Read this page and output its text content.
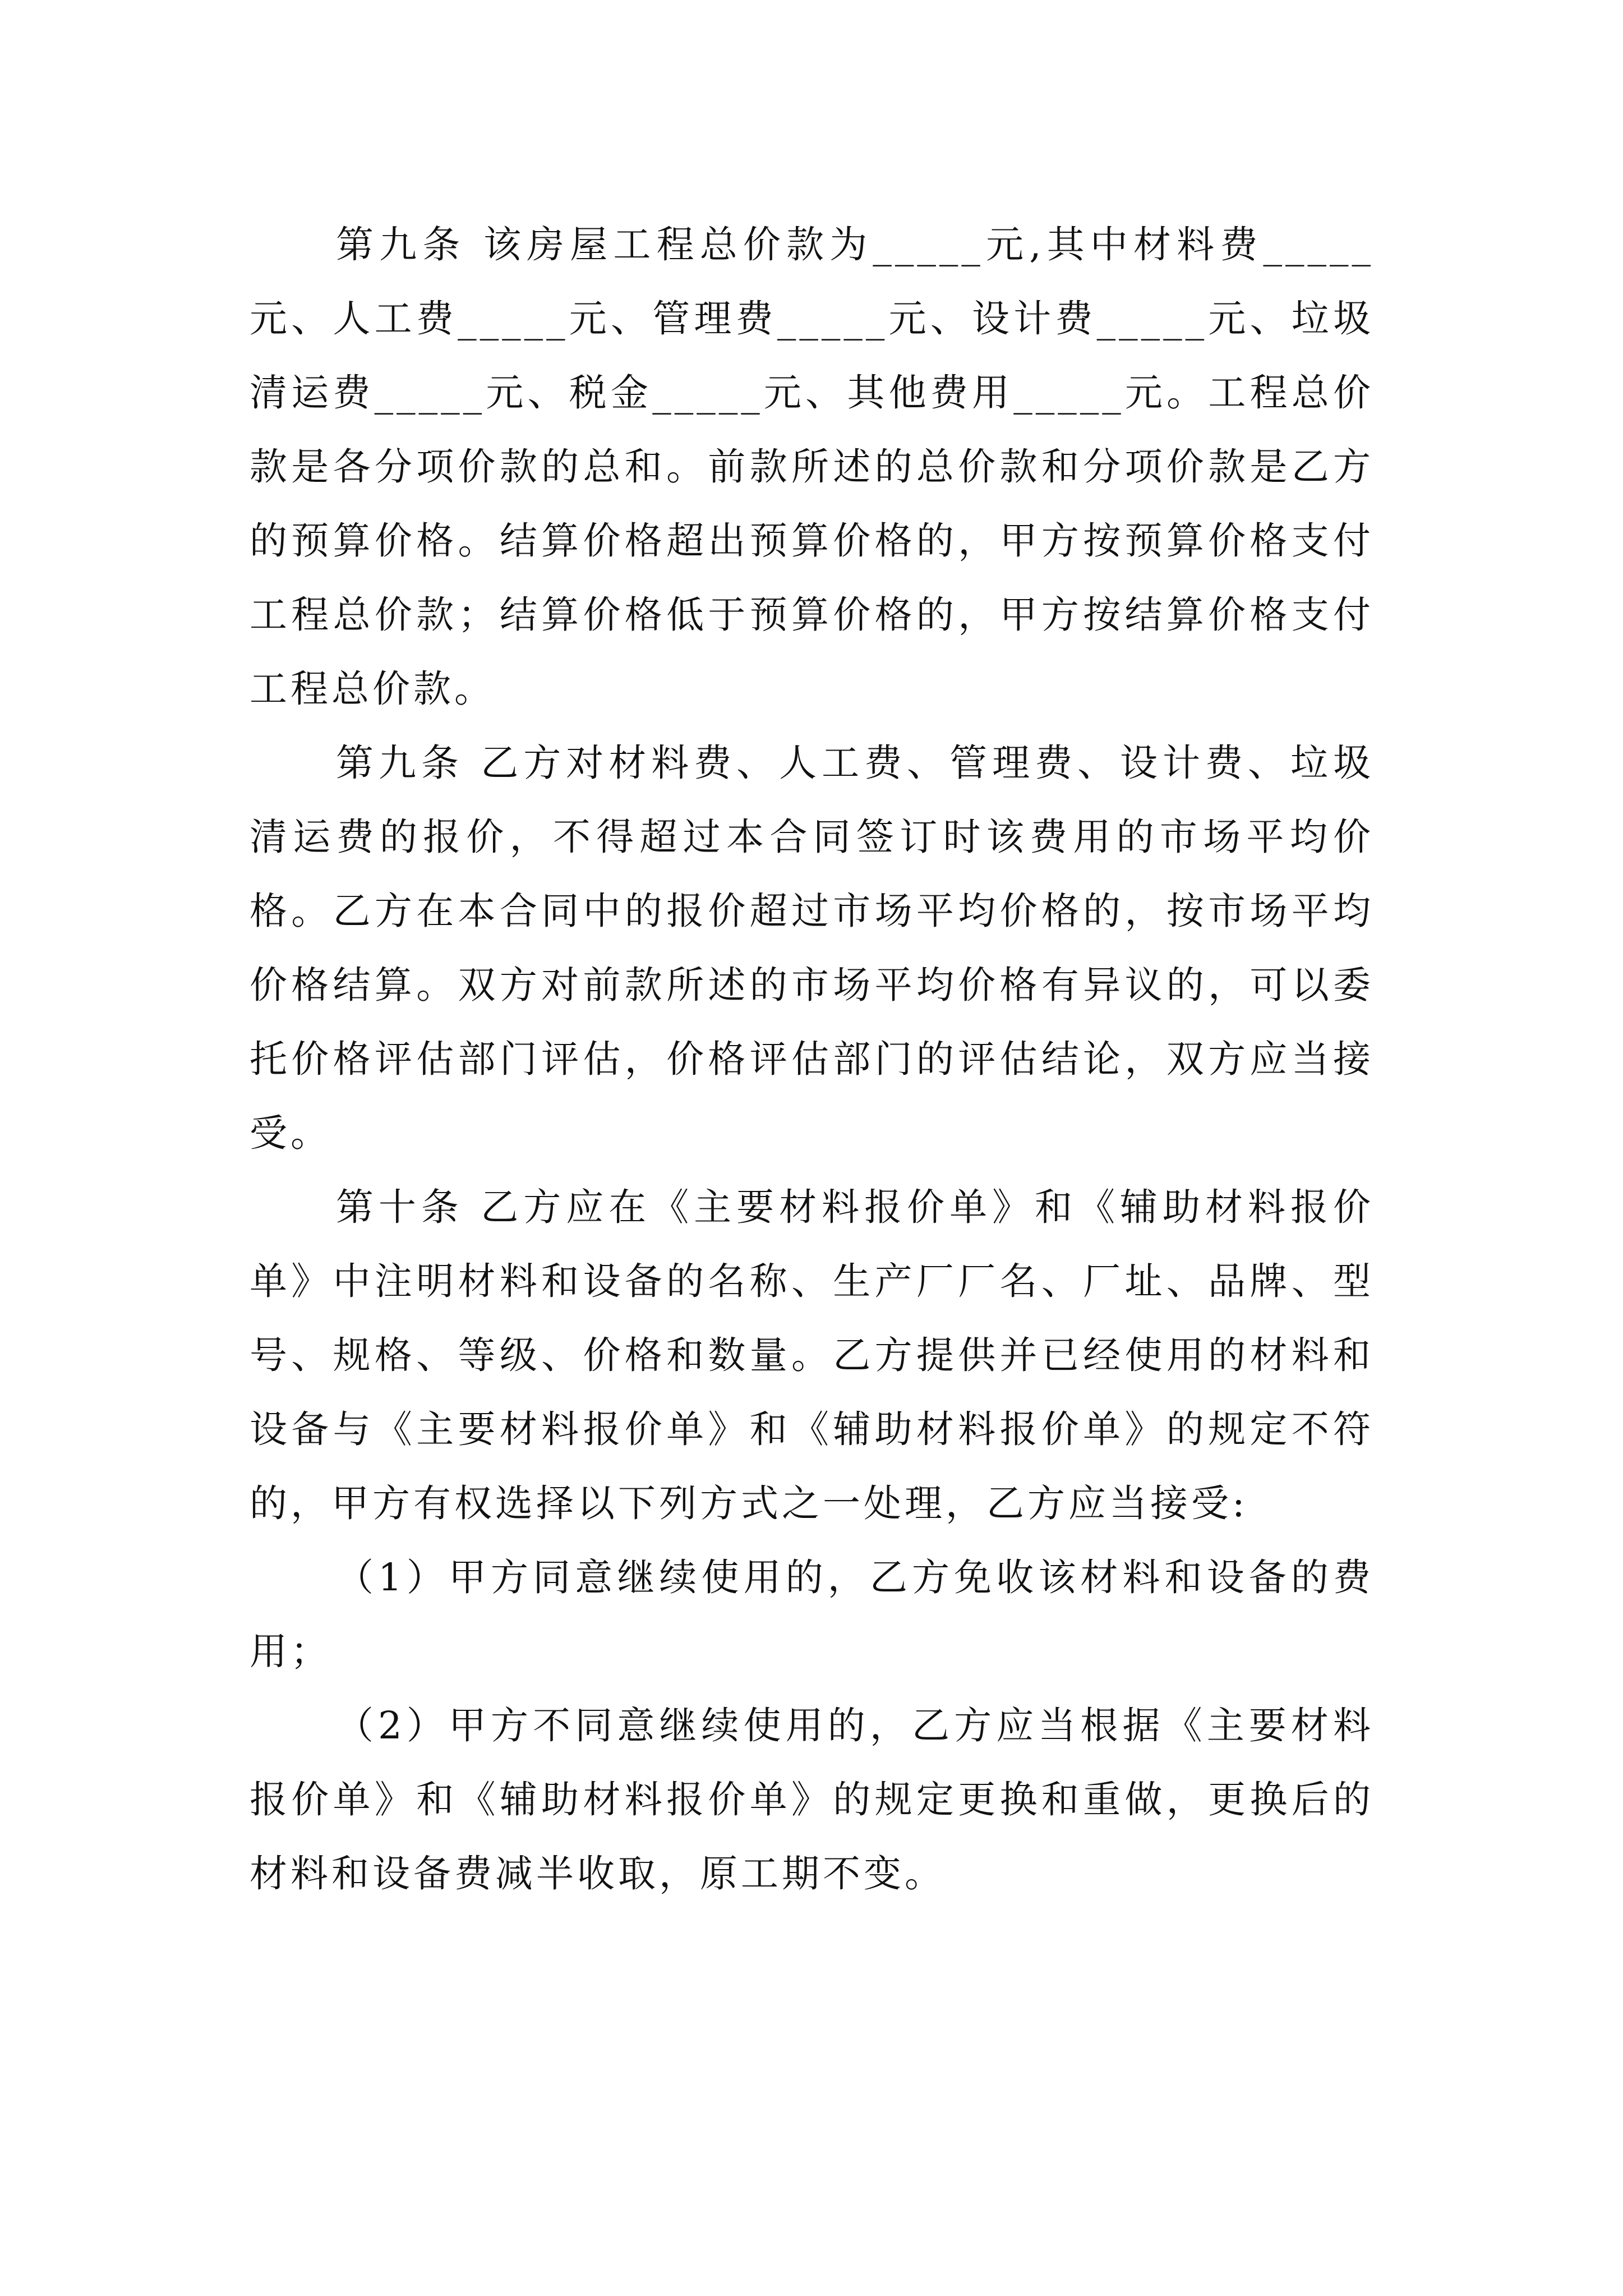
第九条 该房屋工程总价款为_____元,其中材料费_____元、人工费_____元、管理费_____元、设计费_____元、垃圾清运费_____元、税金_____元、其他费用_____元。工程总价款是各分项价款的总和。前款所述的总价款和分项价款是乙方的预算价格。结算价格超出预算价格的，甲方按预算价格支付工程总价款；结算价格低于预算价格的，甲方按结算价格支付工程总价款。

第九条 乙方对材料费、人工费、管理费、设计费、垃圾清运费的报价，不得超过本合同签订时该费用的市场平均价格。乙方在本合同中的报价超过市场平均价格的，按市场平均价格结算。双方对前款所述的市场平均价格有异议的，可以委托价格评估部门评估，价格评估部门的评估结论，双方应当接受。

第十条 乙方应在《主要材料报价单》和《辅助材料报价单》中注明材料和设备的名称、生产厂厂名、厂址、品牌、型号、规格、等级、价格和数量。乙方提供并已经使用的材料和设备与《主要材料报价单》和《辅助材料报价单》的规定不符的，甲方有权选择以下列方式之一处理，乙方应当接受:

（1）甲方同意继续使用的，乙方免收该材料和设备的费用；

（2）甲方不同意继续使用的，乙方应当根据《主要材料报价单》和《辅助材料报价单》的规定更换和重做，更换后的材料和设备费减半收取，原工期不变。
